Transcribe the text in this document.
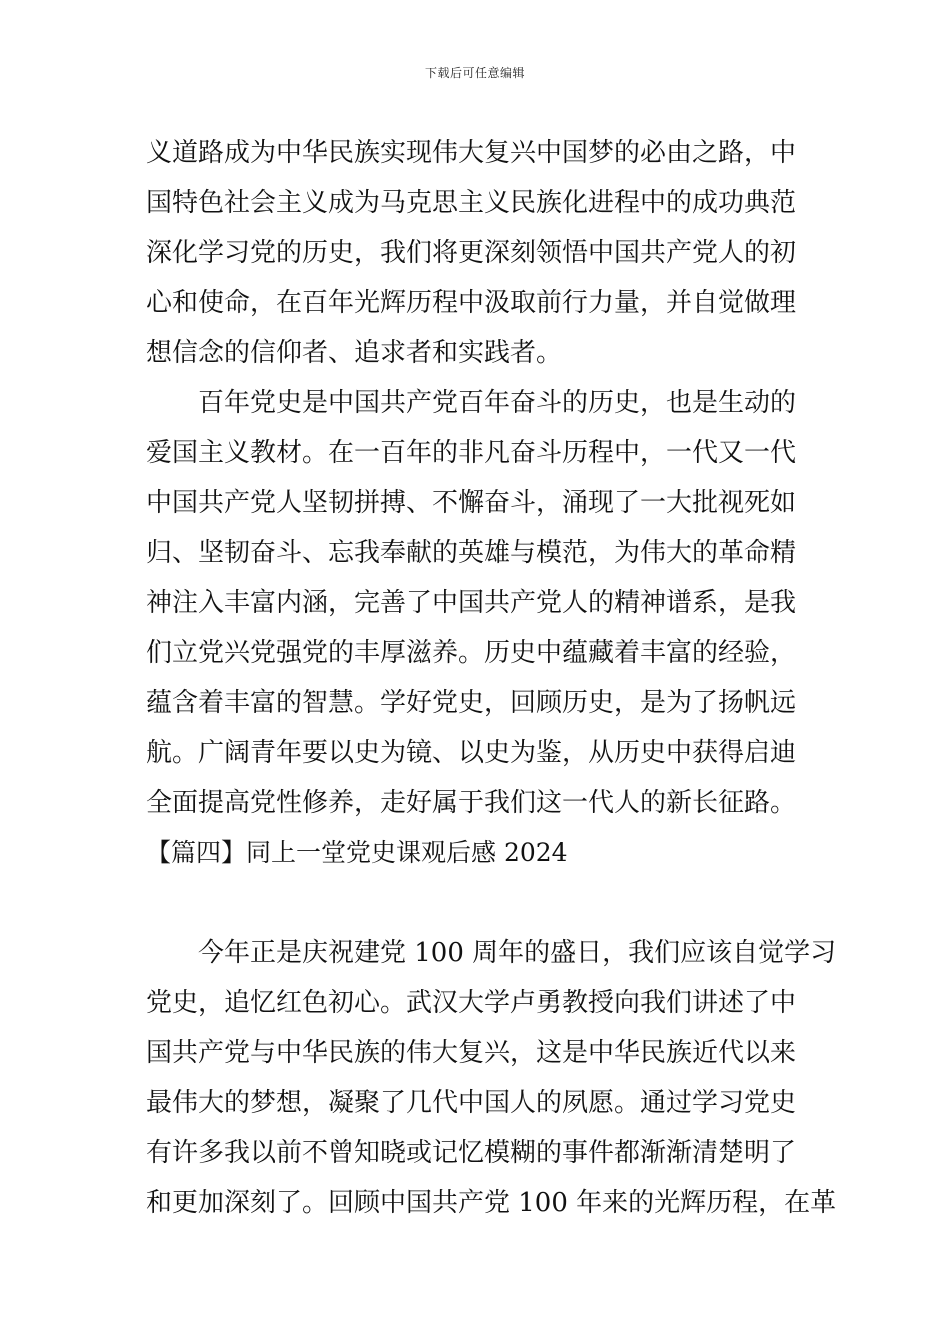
下载后可任意编辑
义道路成为中华民族实现伟大复兴中国梦的必由之路，中
国特色社会主义成为马克思主义民族化进程中的成功典范
深化学习党的历史，我们将更深刻领悟中国共产党人的初
心和使命，在百年光辉历程中汲取前行力量，并自觉做理
想信念的信仰者、追求者和实践者。
百年党史是中国共产党百年奋斗的历史，也是生动的
爱国主义教材。在一百年的非凡奋斗历程中，一代又一代
中国共产党人坚韧拼搏、不懈奋斗，涌现了一大批视死如
归、坚韧奋斗、忘我奉献的英雄与模范，为伟大的革命精
神注入丰富内涵，完善了中国共产党人的精神谱系，是我
们立党兴党强党的丰厚滋养。历史中蕴藏着丰富的经验，
蕴含着丰富的智慧。学好党史，回顾历史，是为了扬帆远
航。广阔青年要以史为镜、以史为鉴，从历史中获得启迪
全面提高党性修养，走好属于我们这一代人的新长征路。
【篇四】同上一堂党史课观后感 2024
今年正是庆祝建党 100 周年的盛日，我们应该自觉学习
党史，追忆红色初心。武汉大学卢勇教授向我们讲述了中
国共产党与中华民族的伟大复兴，这是中华民族近代以来
最伟大的梦想，凝聚了几代中国人的夙愿。通过学习党史
有许多我以前不曾知晓或记忆模糊的事件都渐渐清楚明了
和更加深刻了。回顾中国共产党 100 年来的光辉历程，在革
